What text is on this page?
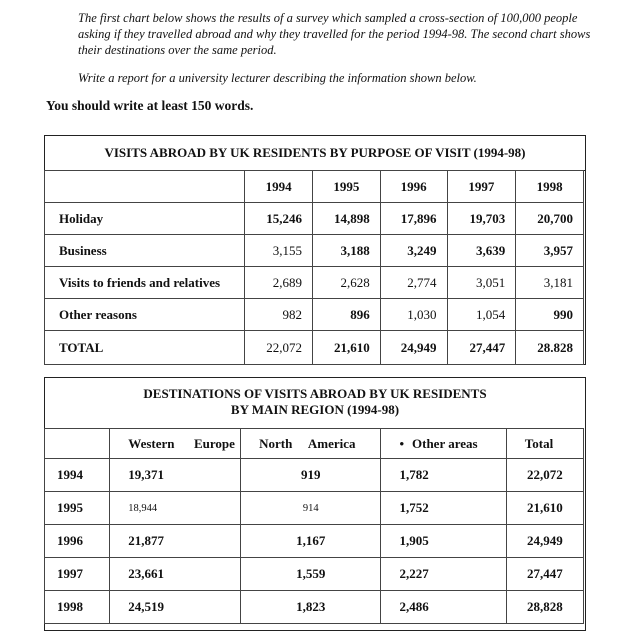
The first chart below shows the results of a survey which sampled a cross-section of 100,000 people asking if they travelled abroad and why they travelled for the period 1994-98. The second chart shows their destinations over the same period.

Write a report for a university lecturer describing the information shown below.

You should write at least 150 words.
VISITS ABROAD BY UK RESIDENTS BY PURPOSE OF VISIT (1994-98)
	1994	1995	1996	1997	1998
Holiday	15,246	14,898	17,896	19,703	20,700
Business	3,155	3,188	3,249	3,639	3,957
Visits to friends and relatives	2,689	2,628	2,774	3,051	3,181
Other reasons	982	896	1,030	1,054	990
TOTAL	22,072	21,610	24,949	27,447	28.828
DESTINATIONS OF VISITS ABROAD BY UK RESIDENTS
BY MAIN REGION (1994-98)
	Western      Europe	North     America	• Other areas	Total
1994	19,371	919	1,782	22,072
1995	18,944	914	1,752	21,610
1996	21,877	1,167	1,905	24,949
1997	23,661	1,559	2,227	27,447
1998	24,519	1,823	2,486	28,828
